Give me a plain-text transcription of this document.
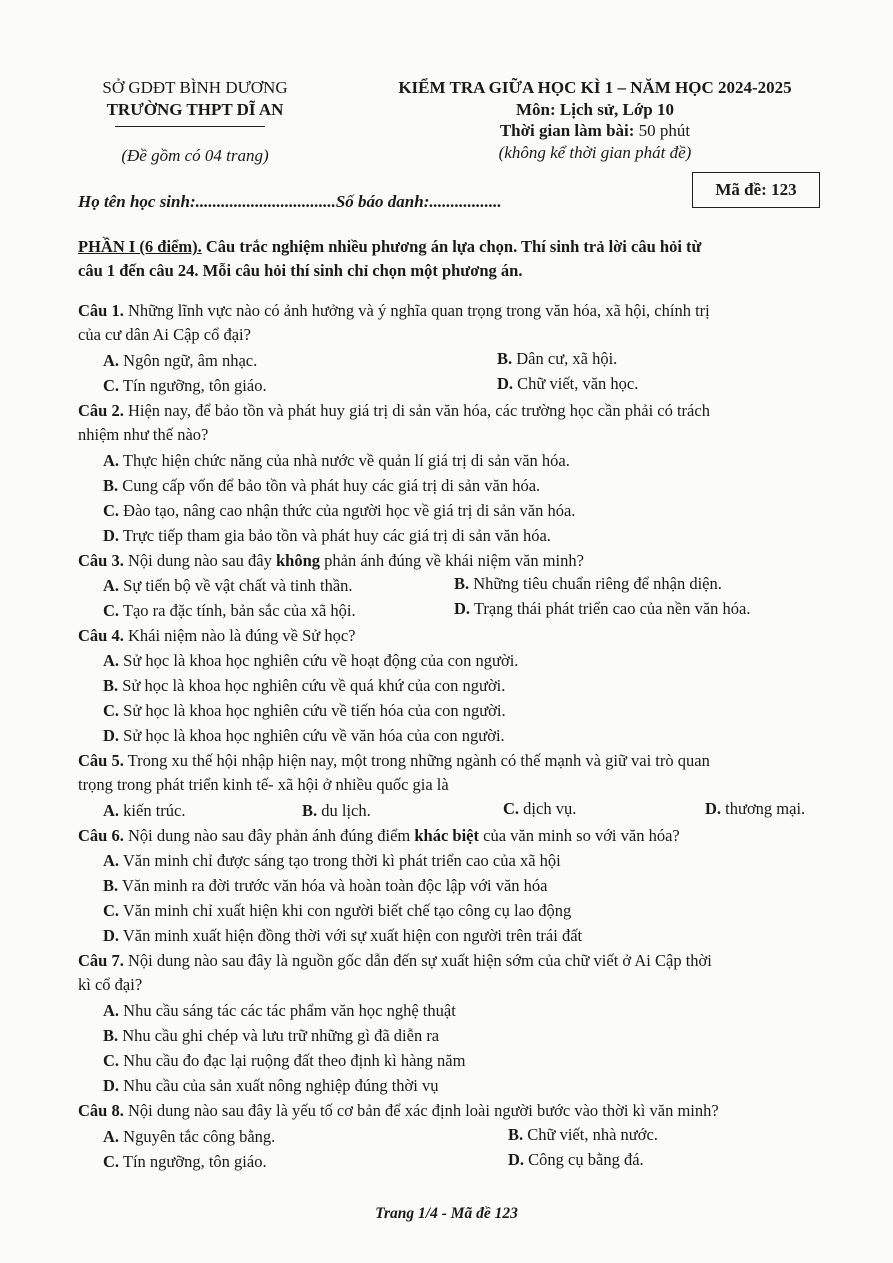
SỞ GDĐT BÌNH DƯƠNG
TRƯỜNG THPT DĨ AN
(Đề gồm có 04 trang)
KIỂM TRA GIỮA HỌC KÌ 1 – NĂM HỌC 2024-2025
Môn: Lịch sử, Lớp 10
Thời gian làm bài: 50 phút
(không kể thời gian phát đề)
Họ tên học sinh:.................................Số báo danh:.................
Mã đề: 123
PHẦN I (6 điểm). Câu trắc nghiệm nhiều phương án lựa chọn. Thí sinh trả lời câu hỏi từ
câu 1 đến câu 24. Mỗi câu hỏi thí sinh chỉ chọn một phương án.
Câu 1. Những lĩnh vực nào có ảnh hưởng và ý nghĩa quan trọng trong văn hóa, xã hội, chính trị
của cư dân Ai Cập cổ đại?
A. Ngôn ngữ, âm nhạc.	B. Dân cư, xã hội.
C. Tín ngưỡng, tôn giáo.	D. Chữ viết, văn học.
Câu 2. Hiện nay, để bảo tồn và phát huy giá trị di sản văn hóa, các trường học cần phải có trách
nhiệm như thế nào?
A. Thực hiện chức năng của nhà nước về quản lí giá trị di sản văn hóa.
B. Cung cấp vốn để bảo tồn và phát huy các giá trị di sản văn hóa.
C. Đào tạo, nâng cao nhận thức của người học về giá trị di sản văn hóa.
D. Trực tiếp tham gia bảo tồn và phát huy các giá trị di sản văn hóa.
Câu 3. Nội dung nào sau đây không phản ánh đúng về khái niệm văn minh?
A. Sự tiến bộ về vật chất và tinh thần.	B. Những tiêu chuẩn riêng để nhận diện.
C. Tạo ra đặc tính, bản sắc của xã hội.	D. Trạng thái phát triển cao của nền văn hóa.
Câu 4. Khái niệm nào là đúng về Sử học?
A. Sử học là khoa học nghiên cứu về hoạt động của con người.
B. Sử học là khoa học nghiên cứu về quá khứ của con người.
C. Sử học là khoa học nghiên cứu về tiến hóa của con người.
D. Sử học là khoa học nghiên cứu về văn hóa của con người.
Câu 5. Trong xu thế hội nhập hiện nay, một trong những ngành có thế mạnh và giữ vai trò quan
trọng trong phát triển kinh tế- xã hội ở nhiều quốc gia là
A. kiến trúc.	B. du lịch.	C. dịch vụ.	D. thương mại.
Câu 6. Nội dung nào sau đây phản ánh đúng điểm khác biệt của văn minh so với văn hóa?
A. Văn minh chỉ được sáng tạo trong thời kì phát triển cao của xã hội
B. Văn minh ra đời trước văn hóa và hoàn toàn độc lập với văn hóa
C. Văn minh chỉ xuất hiện khi con người biết chế tạo công cụ lao động
D. Văn minh xuất hiện đồng thời với sự xuất hiện con người trên trái đất
Câu 7. Nội dung nào sau đây là nguồn gốc dẫn đến sự xuất hiện sớm của chữ viết ở Ai Cập thời
kì cổ đại?
A. Nhu cầu sáng tác các tác phẩm văn học nghệ thuật
B. Nhu cầu ghi chép và lưu trữ những gì đã diễn ra
C. Nhu cầu đo đạc lại ruộng đất theo định kì hàng năm
D. Nhu cầu của sản xuất nông nghiệp đúng thời vụ
Câu 8. Nội dung nào sau đây là yếu tố cơ bản để xác định loài người bước vào thời kì văn minh?
A. Nguyên tắc công bằng.	B. Chữ viết, nhà nước.
C. Tín ngưỡng, tôn giáo.	D. Công cụ bằng đá.
Trang 1/4 - Mã đề 123
